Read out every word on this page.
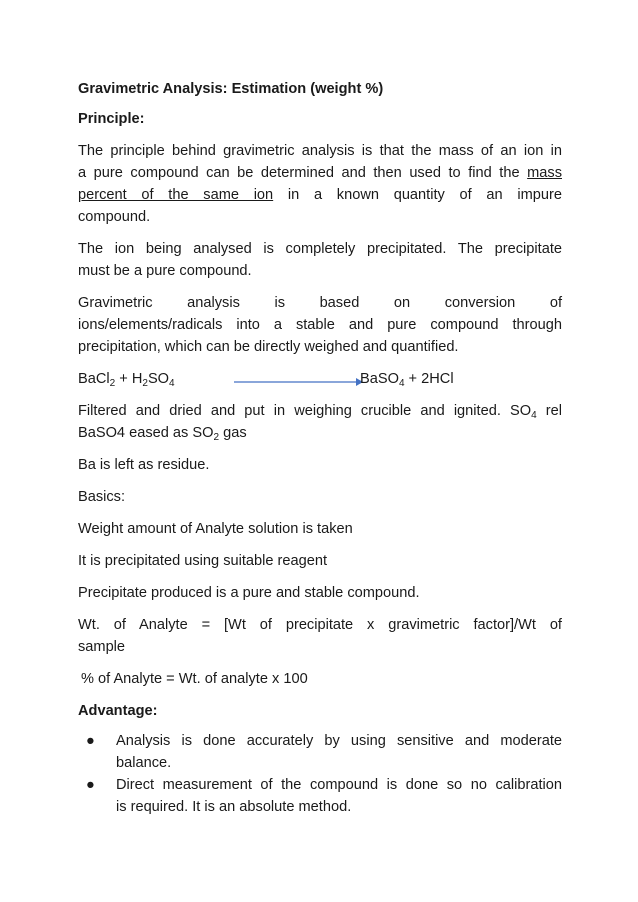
Gravimetric Analysis: Estimation (weight %)
Principle:
The principle behind gravimetric analysis is that the mass of an ion in
a pure compound can be determined and then used to find the mass
percent of the same ion in a known quantity of an impure
compound.
The ion being analysed is completely precipitated. The precipitate
must be a pure compound.
Gravimetric analysis is based on conversion of
ions/elements/radicals into a stable and pure compound through
precipitation, which can be directly weighed and quantified.
BaCl$_2$ + $H_2SO_4$	BaSO$_4$ + 2HCl
Filtered and dried and put in weighing crucible and ignited. $SO_4$ rel
BaSO4 eased as $SO_2$ gas
Ba is left as residue.
Basics:
Weight amount of Analyte solution is taken
It is precipitated using suitable reagent
Precipitate produced is a pure and stable compound.
Wt. of Analyte = [Wt of precipitate x gravimetric factor]/Wt of
sample
% of Analyte = Wt. of analyte x 100
Advantage:
● Analysis is done accurately by using sensitive and moderate
balance.
● Direct measurement of the compound is done so no calibration
is required. It is an absolute method.
